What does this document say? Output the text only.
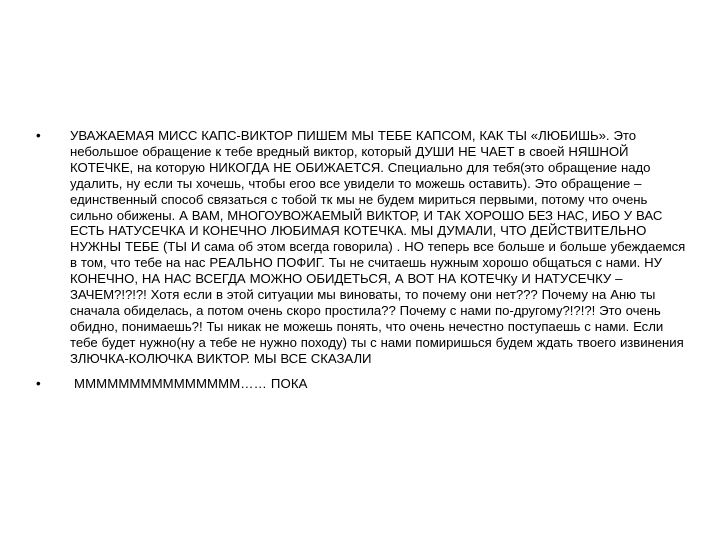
•	УВАЖАЕМАЯ МИСС КАПС-ВИКТОР ПИШЕМ МЫ ТЕБЕ КАПСОМ, КАК ТЫ «ЛЮБИШЬ». Это небольшое обращение к тебе вредный виктор, который ДУШИ НЕ ЧАЕТ в своей НЯШНОЙ КОТЕЧКЕ, на которую НИКОГДА НЕ ОБИЖАЕТСЯ. Специально для тебя(это обращение надо удалить, ну если ты хочешь, чтобы егоо все увидели то можешь оставить). Это обращение – единственный способ связаться с тобой тк мы не будем мириться первыми, потому что очень сильно обижены. А ВАМ, МНОГОУВОЖАЕМЫЙ ВИКТОР, И ТАК ХОРОШО БЕЗ НАС, ИБО У ВАС ЕСТЬ НАТУСЕЧКА И КОНЕЧНО ЛЮБИМАЯ КОТЕЧКА. МЫ ДУМАЛИ, ЧТО ДЕЙСТВИТЕЛЬНО НУЖНЫ ТЕБЕ (ТЫ И сама об этом всегда говорила) . НО теперь все больше и больше убеждаемся в том, что тебе на нас РЕАЛЬНО ПОФИГ. Ты не считаешь нужным хорошо общаться с нами. НУ КОНЕЧНО, НА НАС ВСЕГДА МОЖНО ОБИДЕТЬСЯ, А ВОТ НА КОТЕЧКу И НАТУСЕЧКУ – ЗАЧЕМ?!?!?! Хотя если в этой ситуации мы виноваты, то почему они нет??? Почему на Аню ты сначала обиделась, а потом очень скоро простила?? Почему с нами по-другому?!?!?! Это очень обидно, понимаешь?! Ты никак не можешь понять, что очень нечестно поступаешь с нами. Если тебе будет нужно(ну а тебе не нужно походу) ты с нами помиришься будем ждать твоего извинения ЗЛЮЧКА-КОЛЮЧКА ВИКТОР. МЫ ВСЕ СКАЗАЛИ
•	МММММММММММММММ…… ПОКА
